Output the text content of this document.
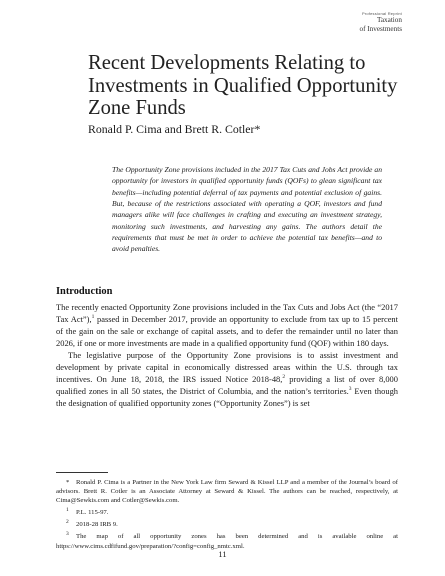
Professional Reprint
Taxation
of Investments
Recent Developments Relating to Investments in Qualified Opportunity Zone Funds
Ronald P. Cima and Brett R. Cotler*
The Opportunity Zone provisions included in the 2017 Tax Cuts and Jobs Act provide an opportunity for investors in qualified opportunity funds (QOFs) to glean significant tax benefits—including potential deferral of tax payments and potential exclusion of gains. But, because of the restrictions associated with operating a QOF, investors and fund managers alike will face challenges in crafting and executing an investment strategy, monitoring such investments, and harvesting any gains. The authors detail the requirements that must be met in order to achieve the potential tax benefits—and to avoid penalties.
Introduction

The recently enacted Opportunity Zone provisions included in the Tax Cuts and Jobs Act (the “2017 Tax Act”),$^1$ passed in December 2017, provide an opportunity to exclude from tax up to 15 percent of the gain on the sale or exchange of capital assets, and to defer the remainder until no later than 2026, if one or more investments are made in a qualified opportunity fund (QOF) within 180 days.

The legislative purpose of the Opportunity Zone provisions is to assist investment and development by private capital in economically distressed areas within the U.S. through tax incentives. On June 18, 2018, the IRS issued Notice 2018-48,$^2$ providing a list of over 8,000 qualified zones in all 50 states, the District of Columbia, and the nation’s territories.$^3$ Even though the designation of qualified opportunity zones (“Opportunity Zones”) is set

* Ronald P. Cima is a Partner in the New York Law firm Seward & Kissel LLP and a member of the Journal’s board of advisors. Brett R. Cotler is an Associate Attorney at Seward & Kissel. The authors can be reached, respectively, at Cima@Sewkis.com and Cotler@Sewkis.com.

$^1$ P.L. 115-97.

$^2$ 2018-28 IRB 9.

$^3$ The map of all opportunity zones has been determined and is available online at https://www.cims.cdfifund.gov/preparation/?config=config_nmtc.xml.

11
